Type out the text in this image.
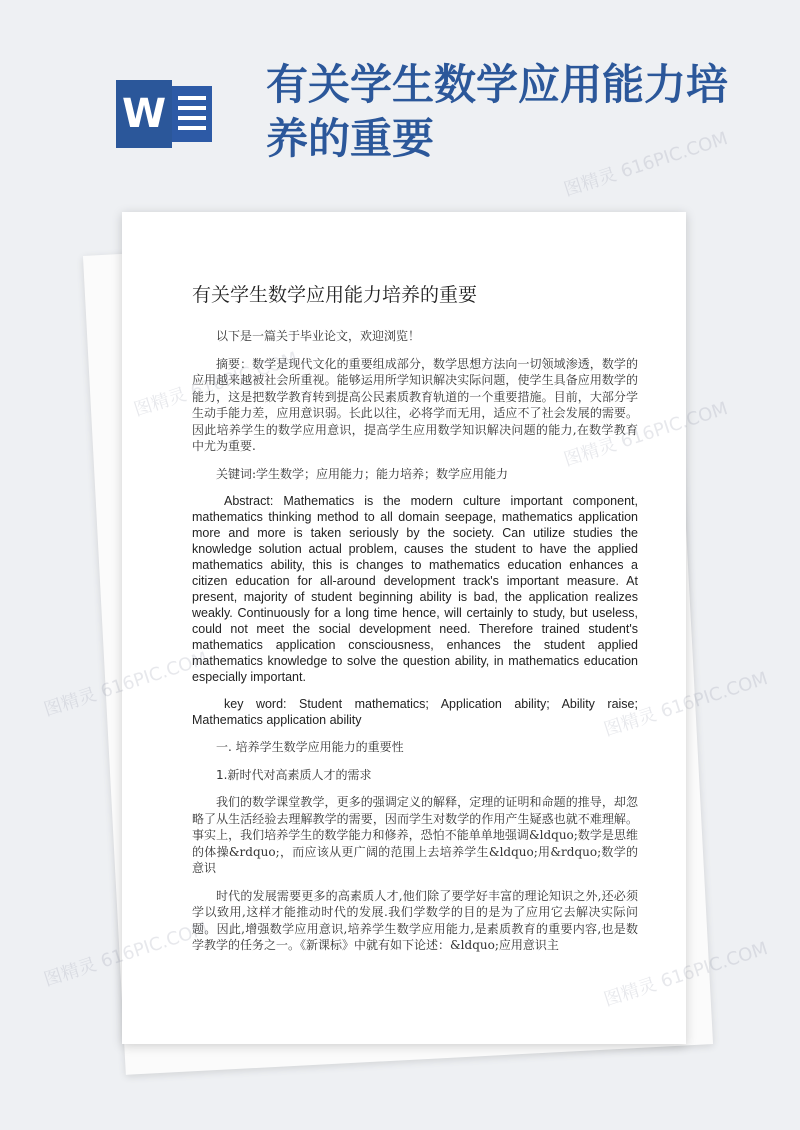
W
有关学生数学应用能力培养的重要
有关学生数学应用能力培养的重要

以下是一篇关于毕业论文，欢迎浏览！

摘要：数学是现代文化的重要组成部分，数学思想方法向一切领域渗透，数学的应用越来越被社会所重视。能够运用所学知识解决实际问题，使学生具备应用数学的能力，这是把数学教育转到提高公民素质教育轨道的一个重要措施。目前，大部分学生动手能力差，应用意识弱。长此以往，必将学而无用，适应不了社会发展的需要。因此培养学生的数学应用意识，提高学生应用数学知识解决问题的能力,在数学教育中尤为重要.

关键词:学生数学；应用能力；能力培养；数学应用能力

Abstract: Mathematics is the modern culture important component, mathematics thinking method to all domain seepage, mathematics application more and more is taken seriously by the society. Can utilize studies the knowledge solution actual problem, causes the student to have the applied mathematics ability, this is changes to mathematics education enhances a citizen education for all-around development track's important measure. At present, majority of student beginning ability is bad, the application realizes weakly. Continuously for a long time hence, will certainly to study, but useless, could not meet the social development need. Therefore trained student's mathematics application consciousness, enhances the student applied mathematics knowledge to solve the question ability, in mathematics education especially important.

key word: Student mathematics; Application ability; Ability raise; Mathematics application ability

一. 培养学生数学应用能力的重要性
1.新时代对高素质人才的需求

我们的数学课堂教学，更多的强调定义的解释，定理的证明和命题的推导，却忽略了从生活经验去理解教学的需要，因而学生对数学的作用产生疑惑也就不难理解。事实上，我们培养学生的数学能力和修养，恐怕不能单单地强调&ldquo;数学是思维的体操&rdquo;，而应该从更广阔的范围上去培养学生&ldquo;用&rdquo;数学的意识

时代的发展需要更多的高素质人才,他们除了要学好丰富的理论知识之外,还必须学以致用,这样才能推动时代的发展.我们学数学的目的是为了应用它去解决实际问题。因此,增强数学应用意识,培养学生数学应用能力,是素质教育的重要内容,也是数学教学的任务之一。《新课标》中就有如下论述：&ldquo;应用意识主

图精灵 616PIC.COM
图精灵	616PIC.COM
图精灵	616PIC.COM
